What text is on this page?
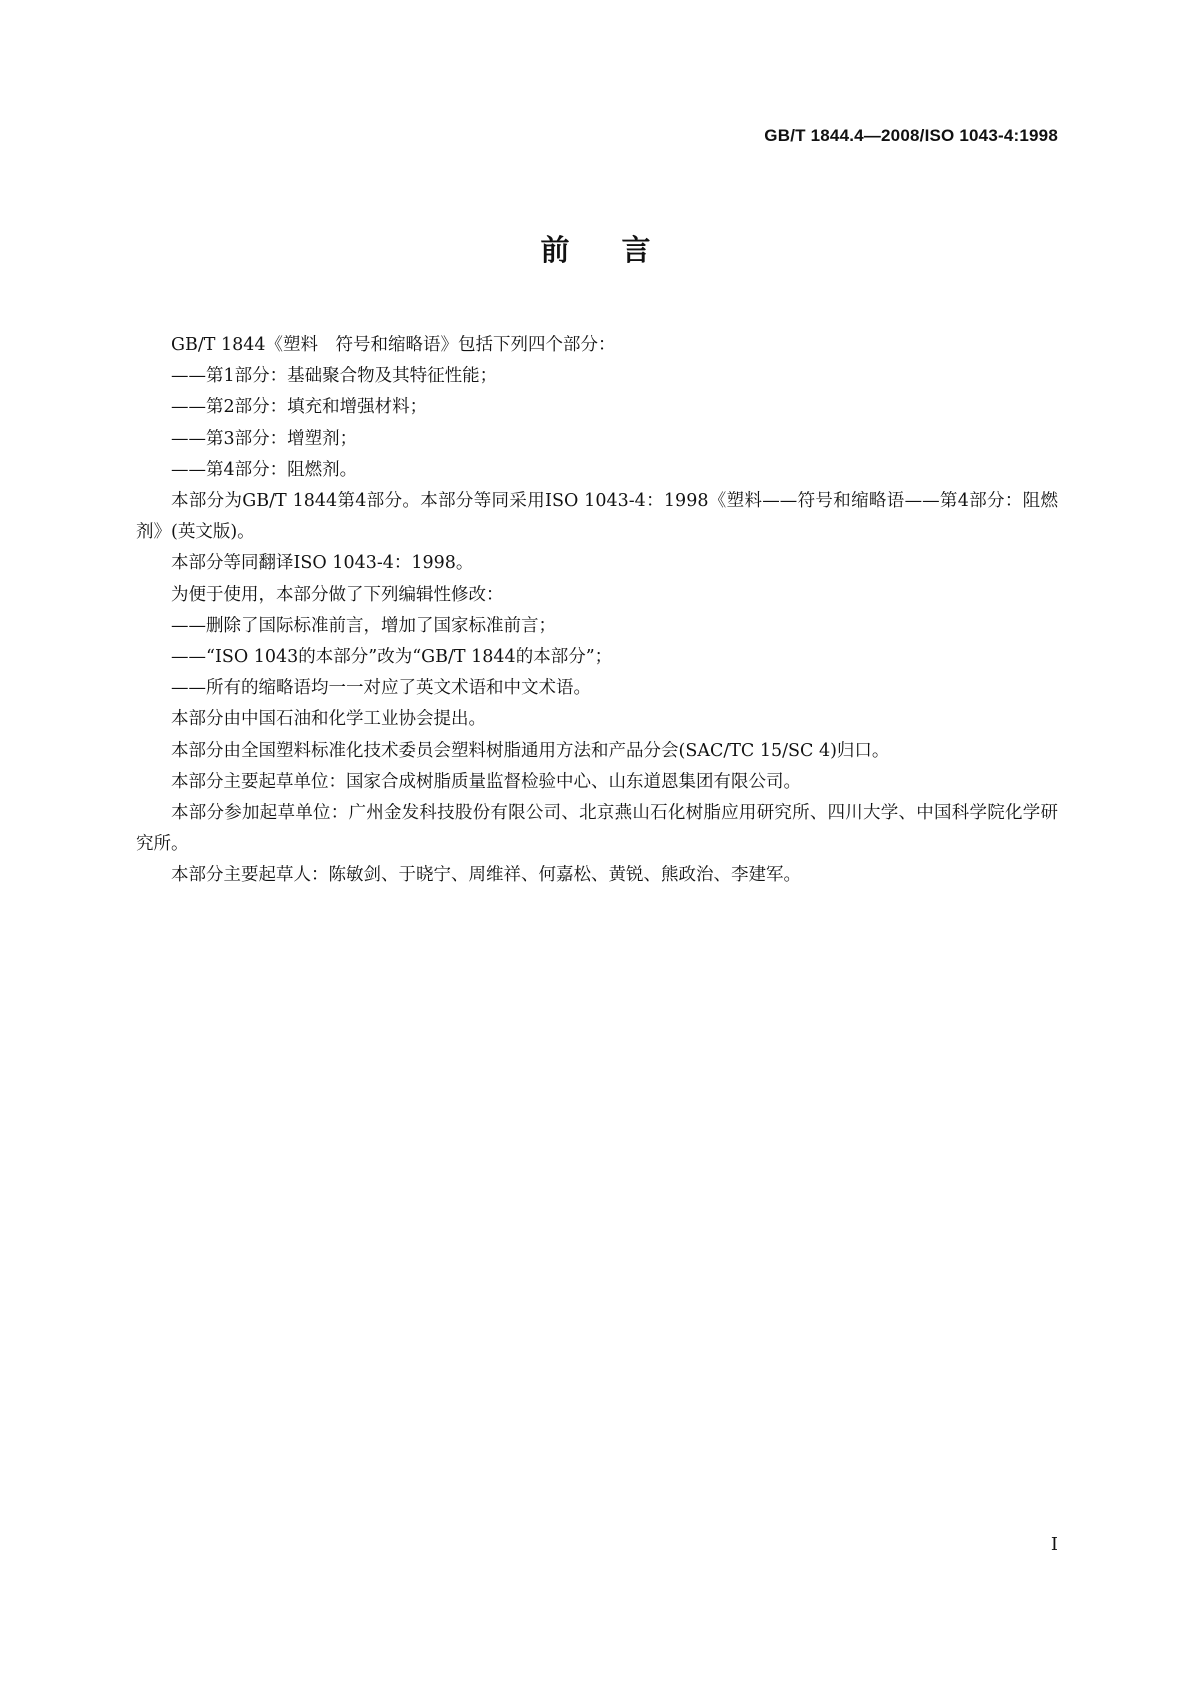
GB/T 1844.4—2008/ISO 1043-4:1998
前言

GB/T 1844《塑料　符号和缩略语》包括下列四个部分：

——第1部分：基础聚合物及其特征性能；

——第2部分：填充和增强材料；

——第3部分：增塑剂；

——第4部分：阻燃剂。

本部分为GB/T 1844第4部分。本部分等同采用ISO 1043-4：1998《塑料——符号和缩略语——第4部分：阻燃剂》(英文版)。

本部分等同翻译ISO 1043-4：1998。

为便于使用，本部分做了下列编辑性修改：

——删除了国际标准前言，增加了国家标准前言；

——“ISO 1043的本部分”改为“GB/T 1844的本部分”；

——所有的缩略语均一一对应了英文术语和中文术语。

本部分由中国石油和化学工业协会提出。

本部分由全国塑料标准化技术委员会塑料树脂通用方法和产品分会(SAC/TC 15/SC 4)归口。

本部分主要起草单位：国家合成树脂质量监督检验中心、山东道恩集团有限公司。

本部分参加起草单位：广州金发科技股份有限公司、北京燕山石化树脂应用研究所、四川大学、中国科学院化学研究所。

本部分主要起草人：陈敏剑、于晓宁、周维祥、何嘉松、黄锐、熊政治、李建军。

I
